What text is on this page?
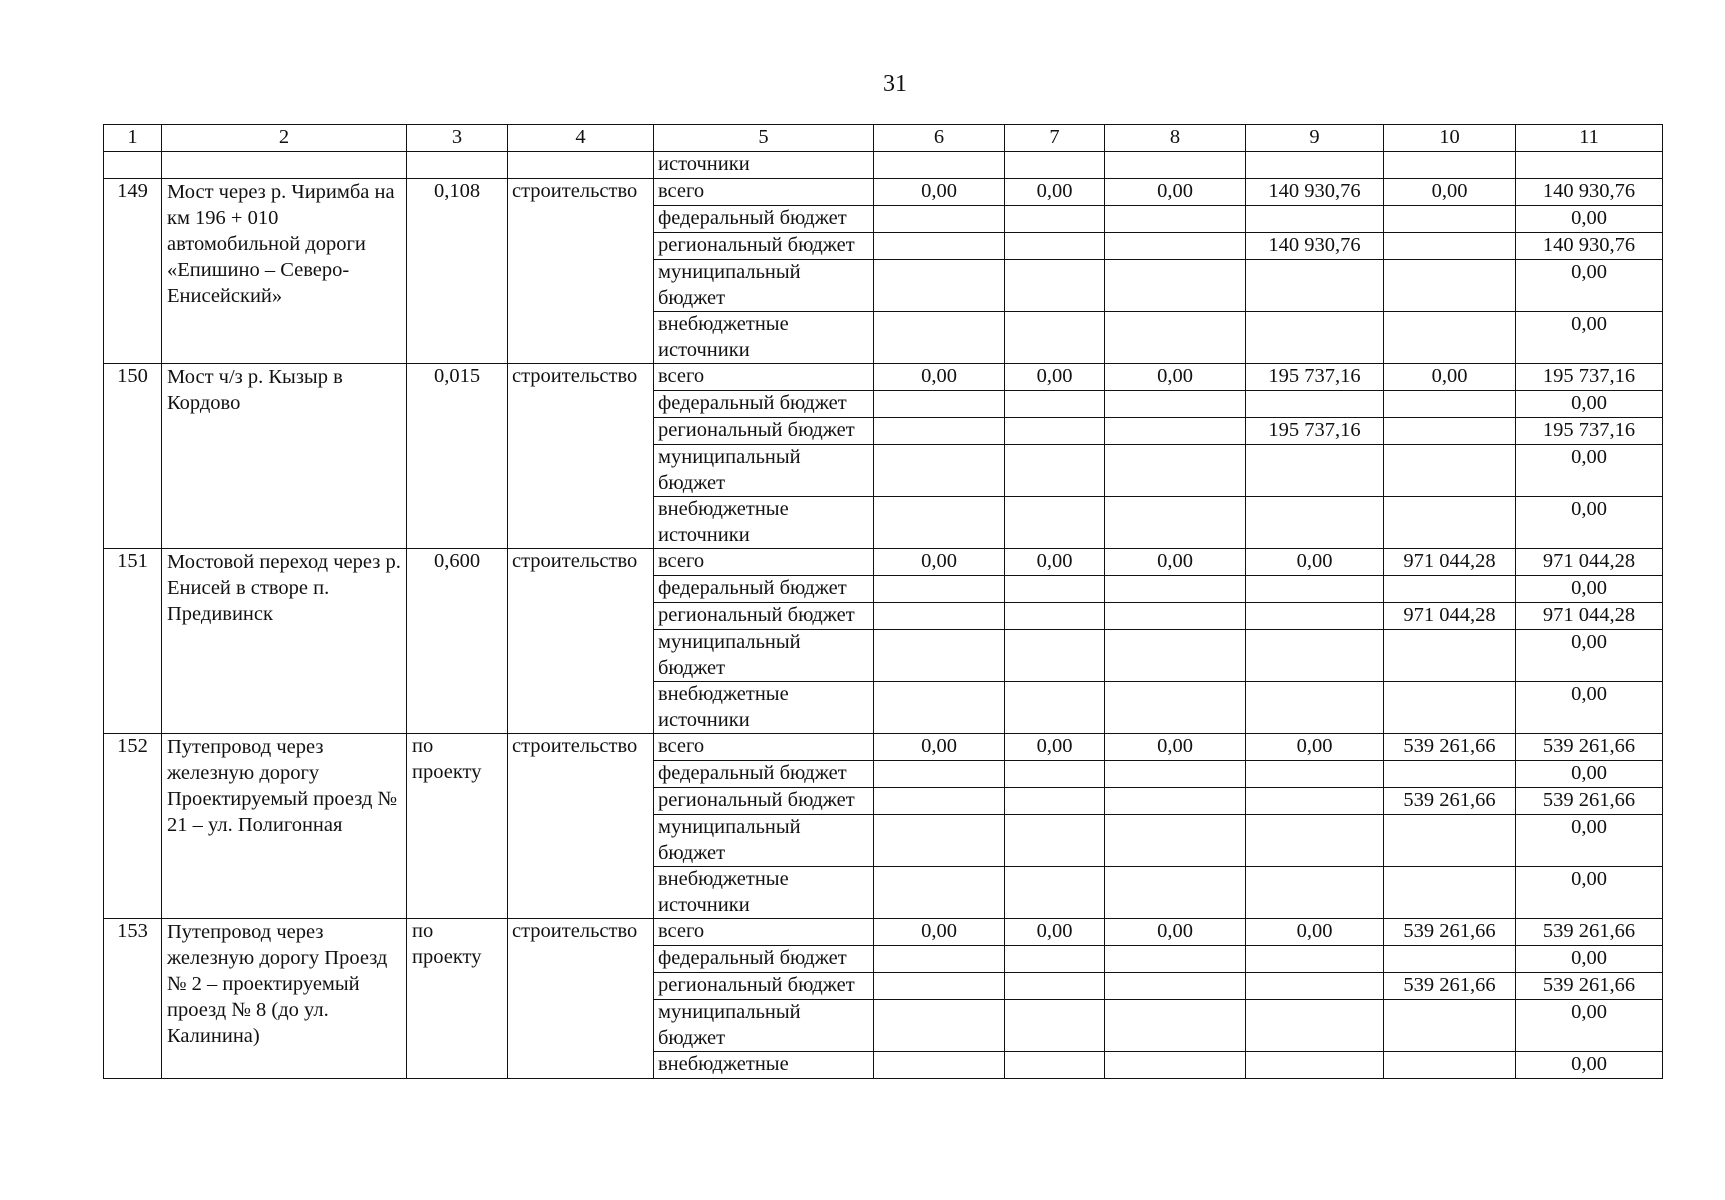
31
1	2	3	4	5	6	7	8	9	10	11
				источники						
149	Мост через р. Чиримба на км 196 + 010 автомобильной дороги «Епишино – Северо-Енисейский»	0,108	строительство	всего	0,00	0,00	0,00	140 930,76	0,00	140 930,76
				федеральный бюджет						0,00
				региональный бюджет				140 930,76		140 930,76
				муниципальный бюджет						0,00
				внебюджетные источники						0,00
150	Мост ч/з р. Кызыр в Кордово	0,015	строительство	всего	0,00	0,00	0,00	195 737,16	0,00	195 737,16
				федеральный бюджет						0,00
				региональный бюджет				195 737,16		195 737,16
				муниципальный бюджет						0,00
				внебюджетные источники						0,00
151	Мостовой переход через р. Енисей в створе п. Предивинск	0,600	строительство	всего	0,00	0,00	0,00	0,00	971 044,28	971 044,28
				федеральный бюджет						0,00
				региональный бюджет					971 044,28	971 044,28
				муниципальный бюджет						0,00
				внебюджетные источники						0,00
152	Путепровод через железную дорогу Проектируемый проезд № 21 – ул. Полигонная	по проекту	строительство	всего	0,00	0,00	0,00	0,00	539 261,66	539 261,66
				федеральный бюджет						0,00
				региональный бюджет					539 261,66	539 261,66
				муниципальный бюджет						0,00
				внебюджетные источники						0,00
153	Путепровод через железную дорогу Проезд № 2 – проектируемый проезд № 8 (до ул. Калинина)	по проекту	строительство	всего	0,00	0,00	0,00	0,00	539 261,66	539 261,66
				федеральный бюджет						0,00
				региональный бюджет					539 261,66	539 261,66
				муниципальный бюджет						0,00
				внебюджетные						0,00
